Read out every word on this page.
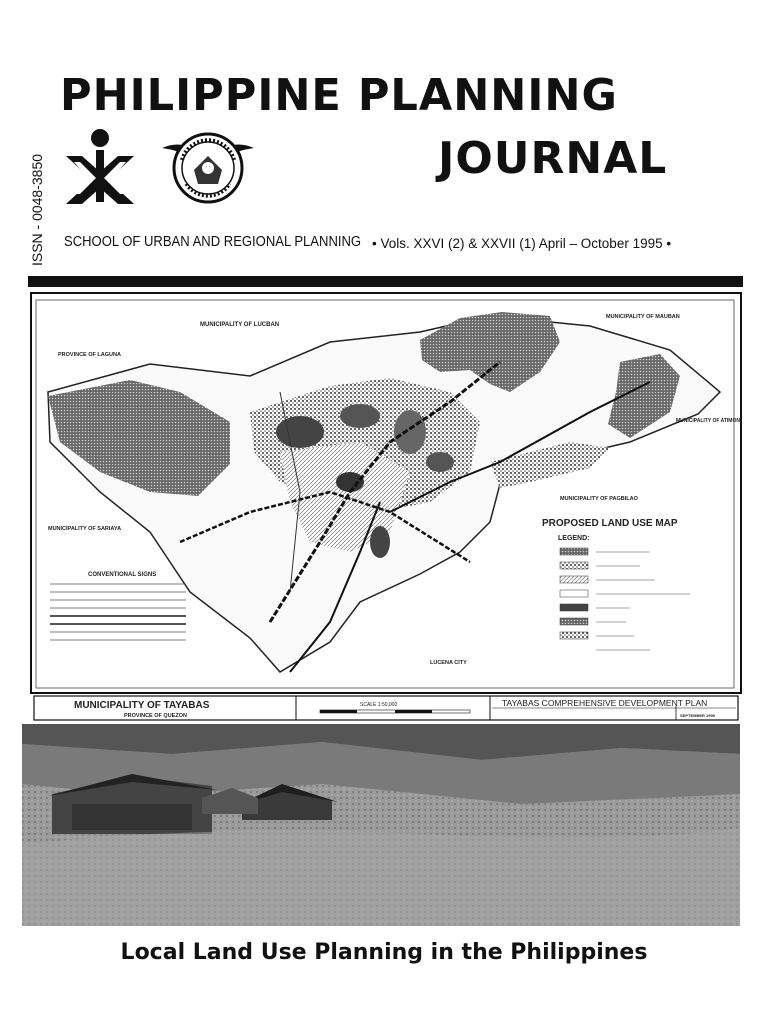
PHILIPPINE PLANNING
JOURNAL
ISSN - 0048-3850 SCHOOL OF URBAN AND REGIONAL PLANNING • Vols. XXVI (2) & XXVII (1) April – October 1995 •
PROPOSED LAND USE MAP
LEGEND:
CONVENTIONAL SIGNS
MUNICIPALITY OF LUCBAN
MUNICIPALITY OF MAUBAN
PROVINCE OF LAGUNA
MUNICIPALITY OF SARIAYA
MUNICIPALITY OF ATIMONAN
MUNICIPALITY OF PAGBILAO
LUCENA CITY
MUNICIPALITY OF TAYABAS
PROVINCE OF QUEZON
SCALE 1:50,000	TAYABAS COMPREHENSIVE DEVELOPMENT PLAN
SEPTEMBER 1995
Local Land Use Planning in the Philippines
